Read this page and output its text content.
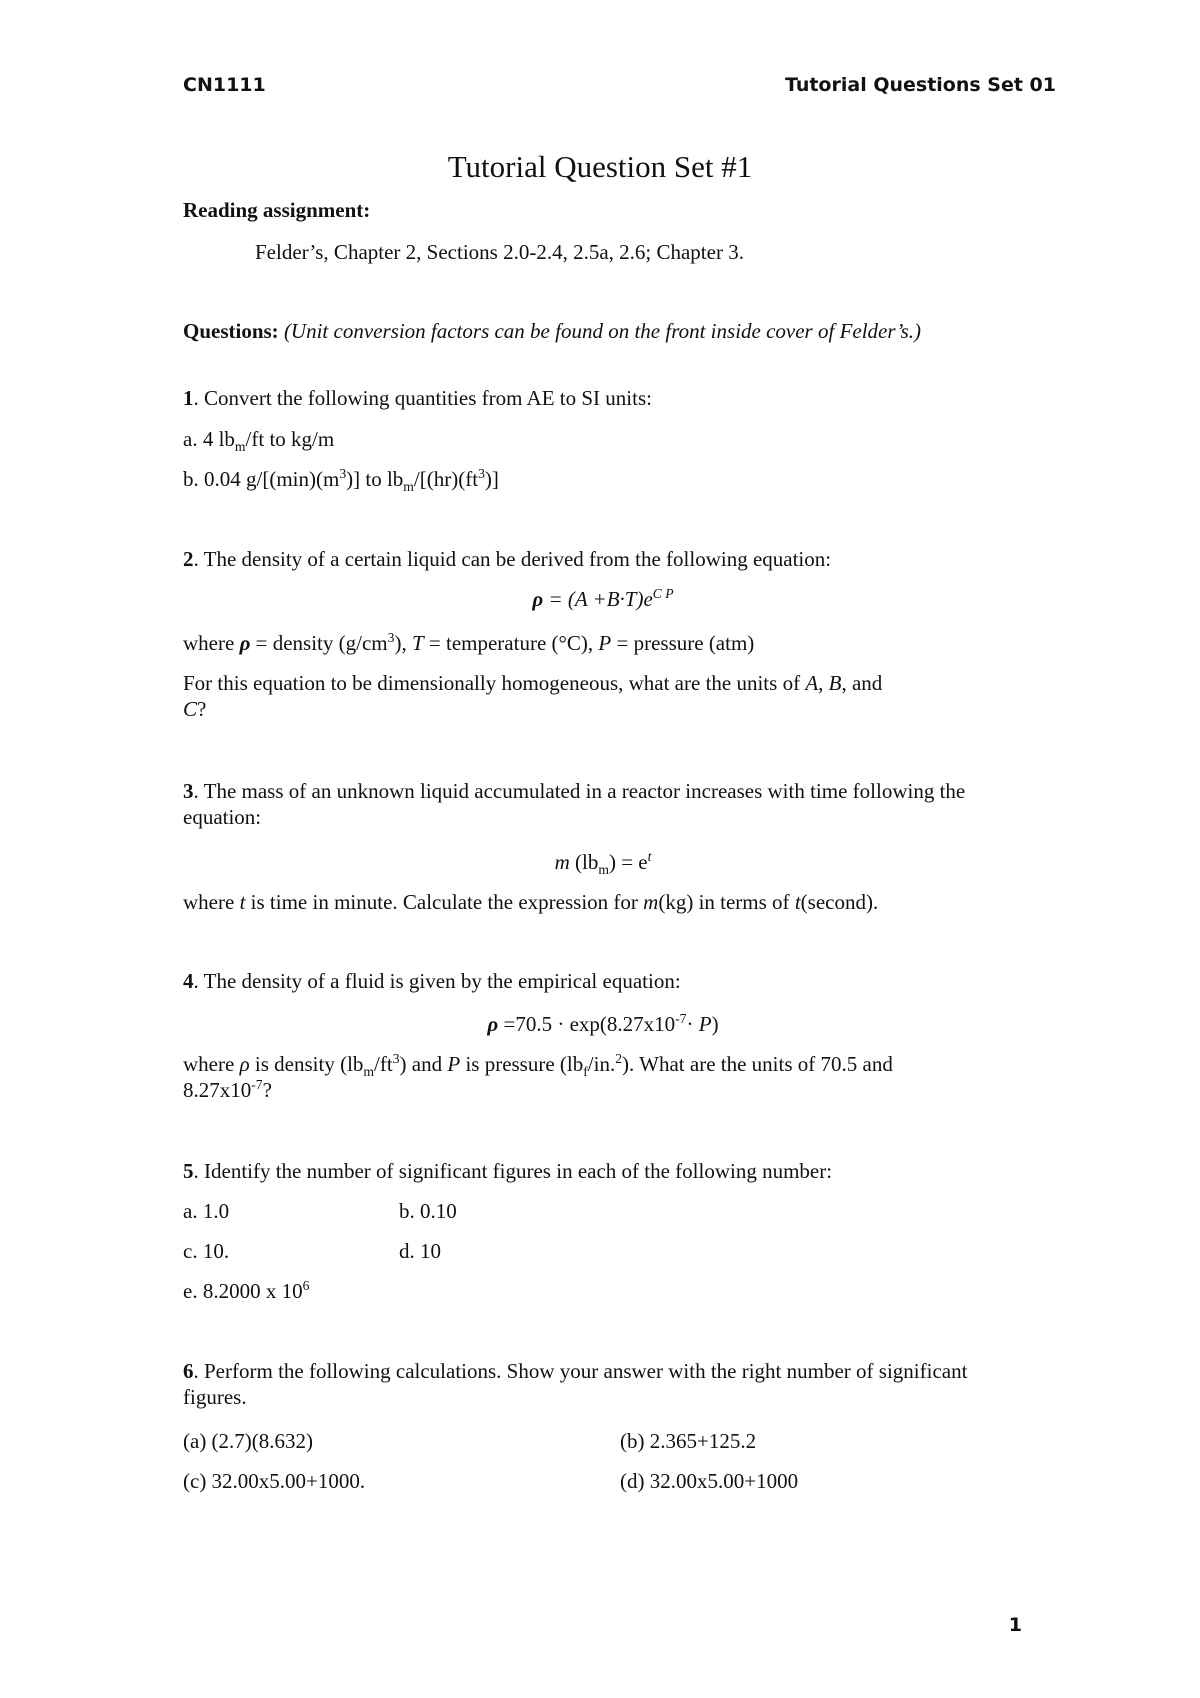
CN1111	Tutorial Questions Set 01
Tutorial Question Set #1
Reading assignment:
Felder’s, Chapter 2, Sections 2.0-2.4, 2.5a, 2.6; Chapter 3.
Questions: (Unit conversion factors can be found on the front inside cover of Felder’s.)
1. Convert the following quantities from AE to SI units:
a. 4 $lb_m/ft$ to kg/m
b. 0.04 $g/[(\min)(m^3)]$ to $lb_m/[(hr)(ft^3)]$
2. The density of a certain liquid can be derived from the following equation:
$\rho = (A +B\cdot T)e^{C P}$
where ρ = density $(g/cm^3)$, T = temperature (°C), P = pressure (atm)
For this equation to be dimensionally homogeneous, what are the units of A, B, and
C?
3. The mass of an unknown liquid accumulated in a reactor increases with time following the equation:
m $(lb_m) = e^t$
where t is time in minute. Calculate the expression for m(kg) in terms of t(second).
4. The density of a fluid is given by the empirical equation:
$\rho =70.5 \cdot \exp(8.27x10^{-7}\cdot P)$
where ρ is density $(lb_m/ft^3)$ and P is pressure $(lb_f/in.^2)$. What are the units of 70.5 and
$8.27x10^{-7}$?
5. Identify the number of significant figures in each of the following number:
a. 1.0	b. 0.10
c. 10.	d. 10
e. 8.2000 x $10^6$
6. Perform the following calculations. Show your answer with the right number of significant figures.
(a) (2.7)(8.632)	(b) 2.365+125.2
(c) 32.00x5.00+1000.	(d) 32.00x5.00+1000
1
